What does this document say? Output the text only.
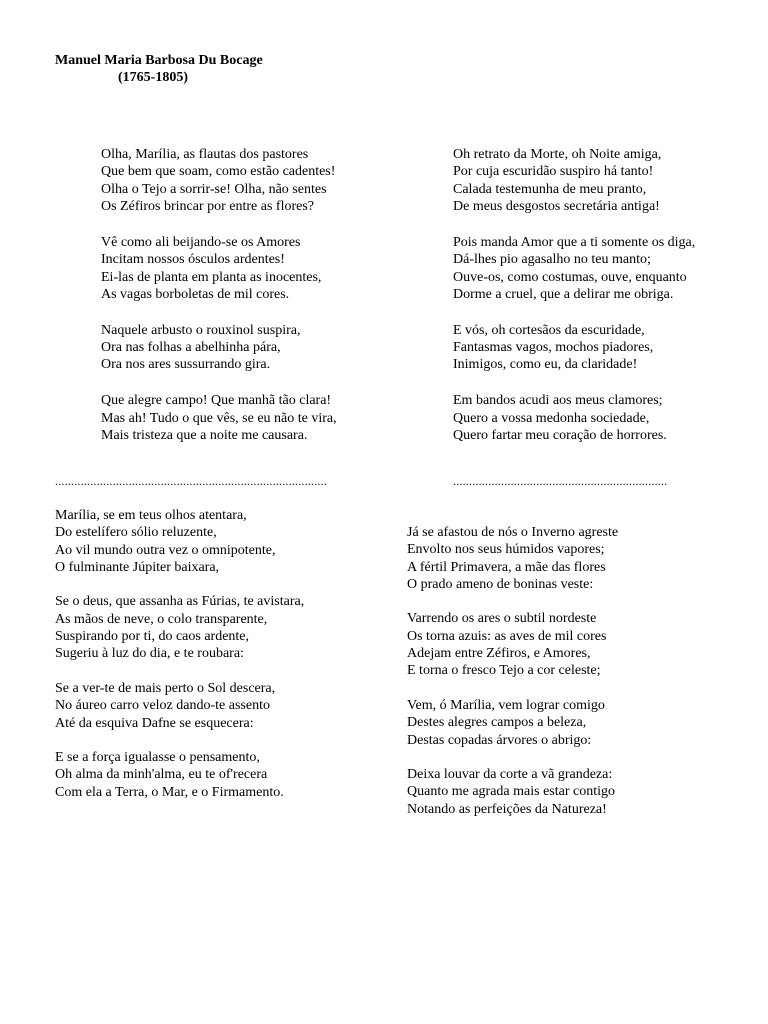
Manuel Maria Barbosa Du Bocage
(1765-1805)
Olha, Marília, as flautas dos pastores
Que bem que soam, como estão cadentes!
Olha o Tejo a sorrir-se! Olha, não sentes
Os Zéfiros brincar por entre as flores?
Vê como ali beijando-se os Amores
Incitam nossos ósculos ardentes!
Ei-las de planta em planta as inocentes,
As vagas borboletas de mil cores.
Naquele arbusto o rouxinol suspira,
Ora nas folhas a abelhinha pára,
Ora nos ares sussurrando gira.
Que alegre campo! Que manhã tão clara!
Mas ah! Tudo o que vês, se eu não te vira,
Mais tristeza que a noite me causara.
Oh retrato da Morte, oh Noite amiga,
Por cuja escuridão suspiro há tanto!
Calada testemunha de meu pranto,
De meus desgostos secretária antiga!
Pois manda Amor que a ti somente os diga,
Dá-lhes pio agasalho no teu manto;
Ouve-os, como costumas, ouve, enquanto
Dorme a cruel, que a delirar me obriga.
E vós, oh cortesãos da escuridade,
Fantasmas vagos, mochos piadores,
Inimigos, como eu, da claridade!
Em bandos acudi aos meus clamores;
Quero a vossa medonha sociedade,
Quero fartar meu coração de horrores.
.....................................................................................	...................................................................
Marília, se em teus olhos atentara,
Do estelífero sólio reluzente,
Ao vil mundo outra vez o omnipotente,
O fulminante Júpiter baixara,
Se o deus, que assanha as Fúrias, te avistara,
As mãos de neve, o colo transparente,
Suspirando por ti, do caos ardente,
Sugeriu à luz do dia, e te roubara:
Se a ver-te de mais perto o Sol descera,
No áureo carro veloz dando-te assento
Até da esquiva Dafne se esquecera:
E se a força igualasse o pensamento,
Oh alma da minh'alma, eu te of'recera
Com ela a Terra, o Mar, e o Firmamento.
Já se afastou de nós o Inverno agreste
Envolto nos seus húmidos vapores;
A fértil Primavera, a mãe das flores
O prado ameno de boninas veste:
Varrendo os ares o subtil nordeste
Os torna azuis: as aves de mil cores
Adejam entre Zéfiros, e Amores,
E torna o fresco Tejo a cor celeste;
Vem, ó Marília, vem lograr comigo
Destes alegres campos a beleza,
Destas copadas árvores o abrigo:
Deixa louvar da corte a vã grandeza:
Quanto me agrada mais estar contigo
Notando as perfeições da Natureza!
